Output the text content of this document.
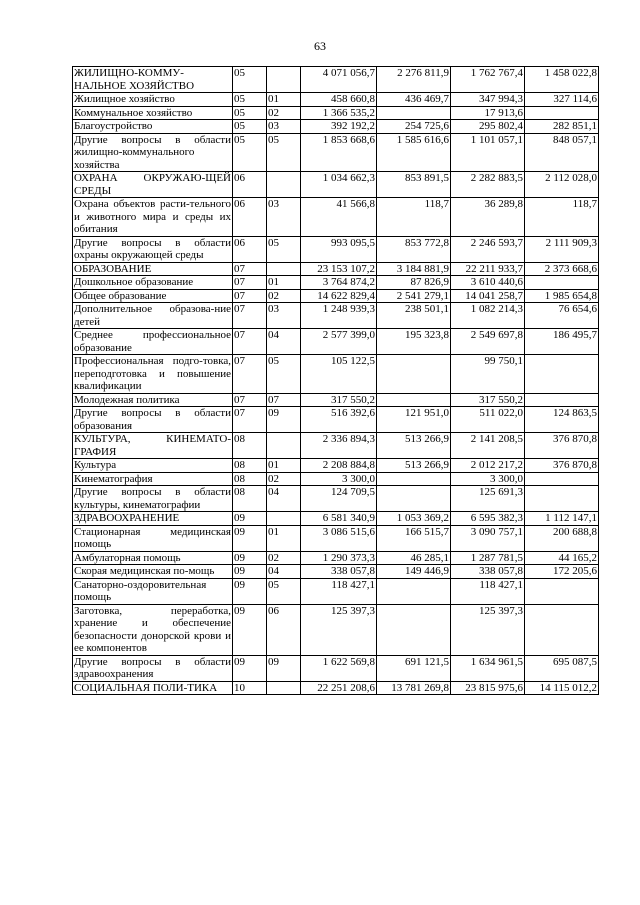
63
ЖИЛИЩНО-КОММУ-НАЛЬНОЕ ХОЗЯЙСТВО	05		4 071 056,7	2 276 811,9	1 762 767,4	1 458 022,8
Жилищное хозяйство	05	01	458 660,8	436 469,7	347 994,3	327 114,6
Коммунальное хозяйство	05	02	1 366 535,2		17 913,6	
Благоустройство	05	03	392 192,2	254 725,6	295 802,4	282 851,1
Другие вопросы в области жилищно-коммунального хозяйства	05	05	1 853 668,6	1 585 616,6	1 101 057,1	848 057,1
ОХРАНА ОКРУЖАЮ-ЩЕЙ СРЕДЫ	06		1 034 662,3	853 891,5	2 282 883,5	2 112 028,0
Охрана объектов расти-тельного и животного мира и среды их обитания	06	03	41 566,8	118,7	36 289,8	118,7
Другие вопросы в области охраны окружающей среды	06	05	993 095,5	853 772,8	2 246 593,7	2 111 909,3
ОБРАЗОВАНИЕ	07		23 153 107,2	3 184 881,9	22 211 933,7	2 373 668,6
Дошкольное образование	07	01	3 764 874,2	87 826,9	3 610 440,6	
Общее образование	07	02	14 622 829,4	2 541 279,1	14 041 258,7	1 985 654,8
Дополнительное образова-ние детей	07	03	1 248 939,3	238 501,1	1 082 214,3	76 654,6
Среднее профессиональное образование	07	04	2 577 399,0	195 323,8	2 549 697,8	186 495,7
Профессиональная подго-товка, переподготовка и повышение квалификации	07	05	105 122,5		99 750,1	
Молодежная политика	07	07	317 550,2		317 550,2	
Другие вопросы в области образования	07	09	516 392,6	121 951,0	511 022,0	124 863,5
КУЛЬТУРА, КИНЕМАТО-ГРАФИЯ	08		2 336 894,3	513 266,9	2 141 208,5	376 870,8
Культура	08	01	2 208 884,8	513 266,9	2 012 217,2	376 870,8
Кинематография	08	02	3 300,0		3 300,0	
Другие вопросы в области культуры, кинематографии	08	04	124 709,5		125 691,3	
ЗДРАВООХРАНЕНИЕ	09		6 581 340,9	1 053 369,2	6 595 382,3	1 112 147,1
Стационарная медицинская помощь	09	01	3 086 515,6	166 515,7	3 090 757,1	200 688,8
Амбулаторная помощь	09	02	1 290 373,3	46 285,1	1 287 781,5	44 165,2
Скорая медицинская по-мощь	09	04	338 057,8	149 446,9	338 057,8	172 205,6
Санаторно-оздоровительная помощь	09	05	118 427,1		118 427,1	
Заготовка, переработка, хранение и обеспечение безопасности донорской крови и ее компонентов	09	06	125 397,3		125 397,3	
Другие вопросы в области здравоохранения	09	09	1 622 569,8	691 121,5	1 634 961,5	695 087,5
СОЦИАЛЬНАЯ ПОЛИ-ТИКА	10		22 251 208,6	13 781 269,8	23 815 975,6	14 115 012,2
